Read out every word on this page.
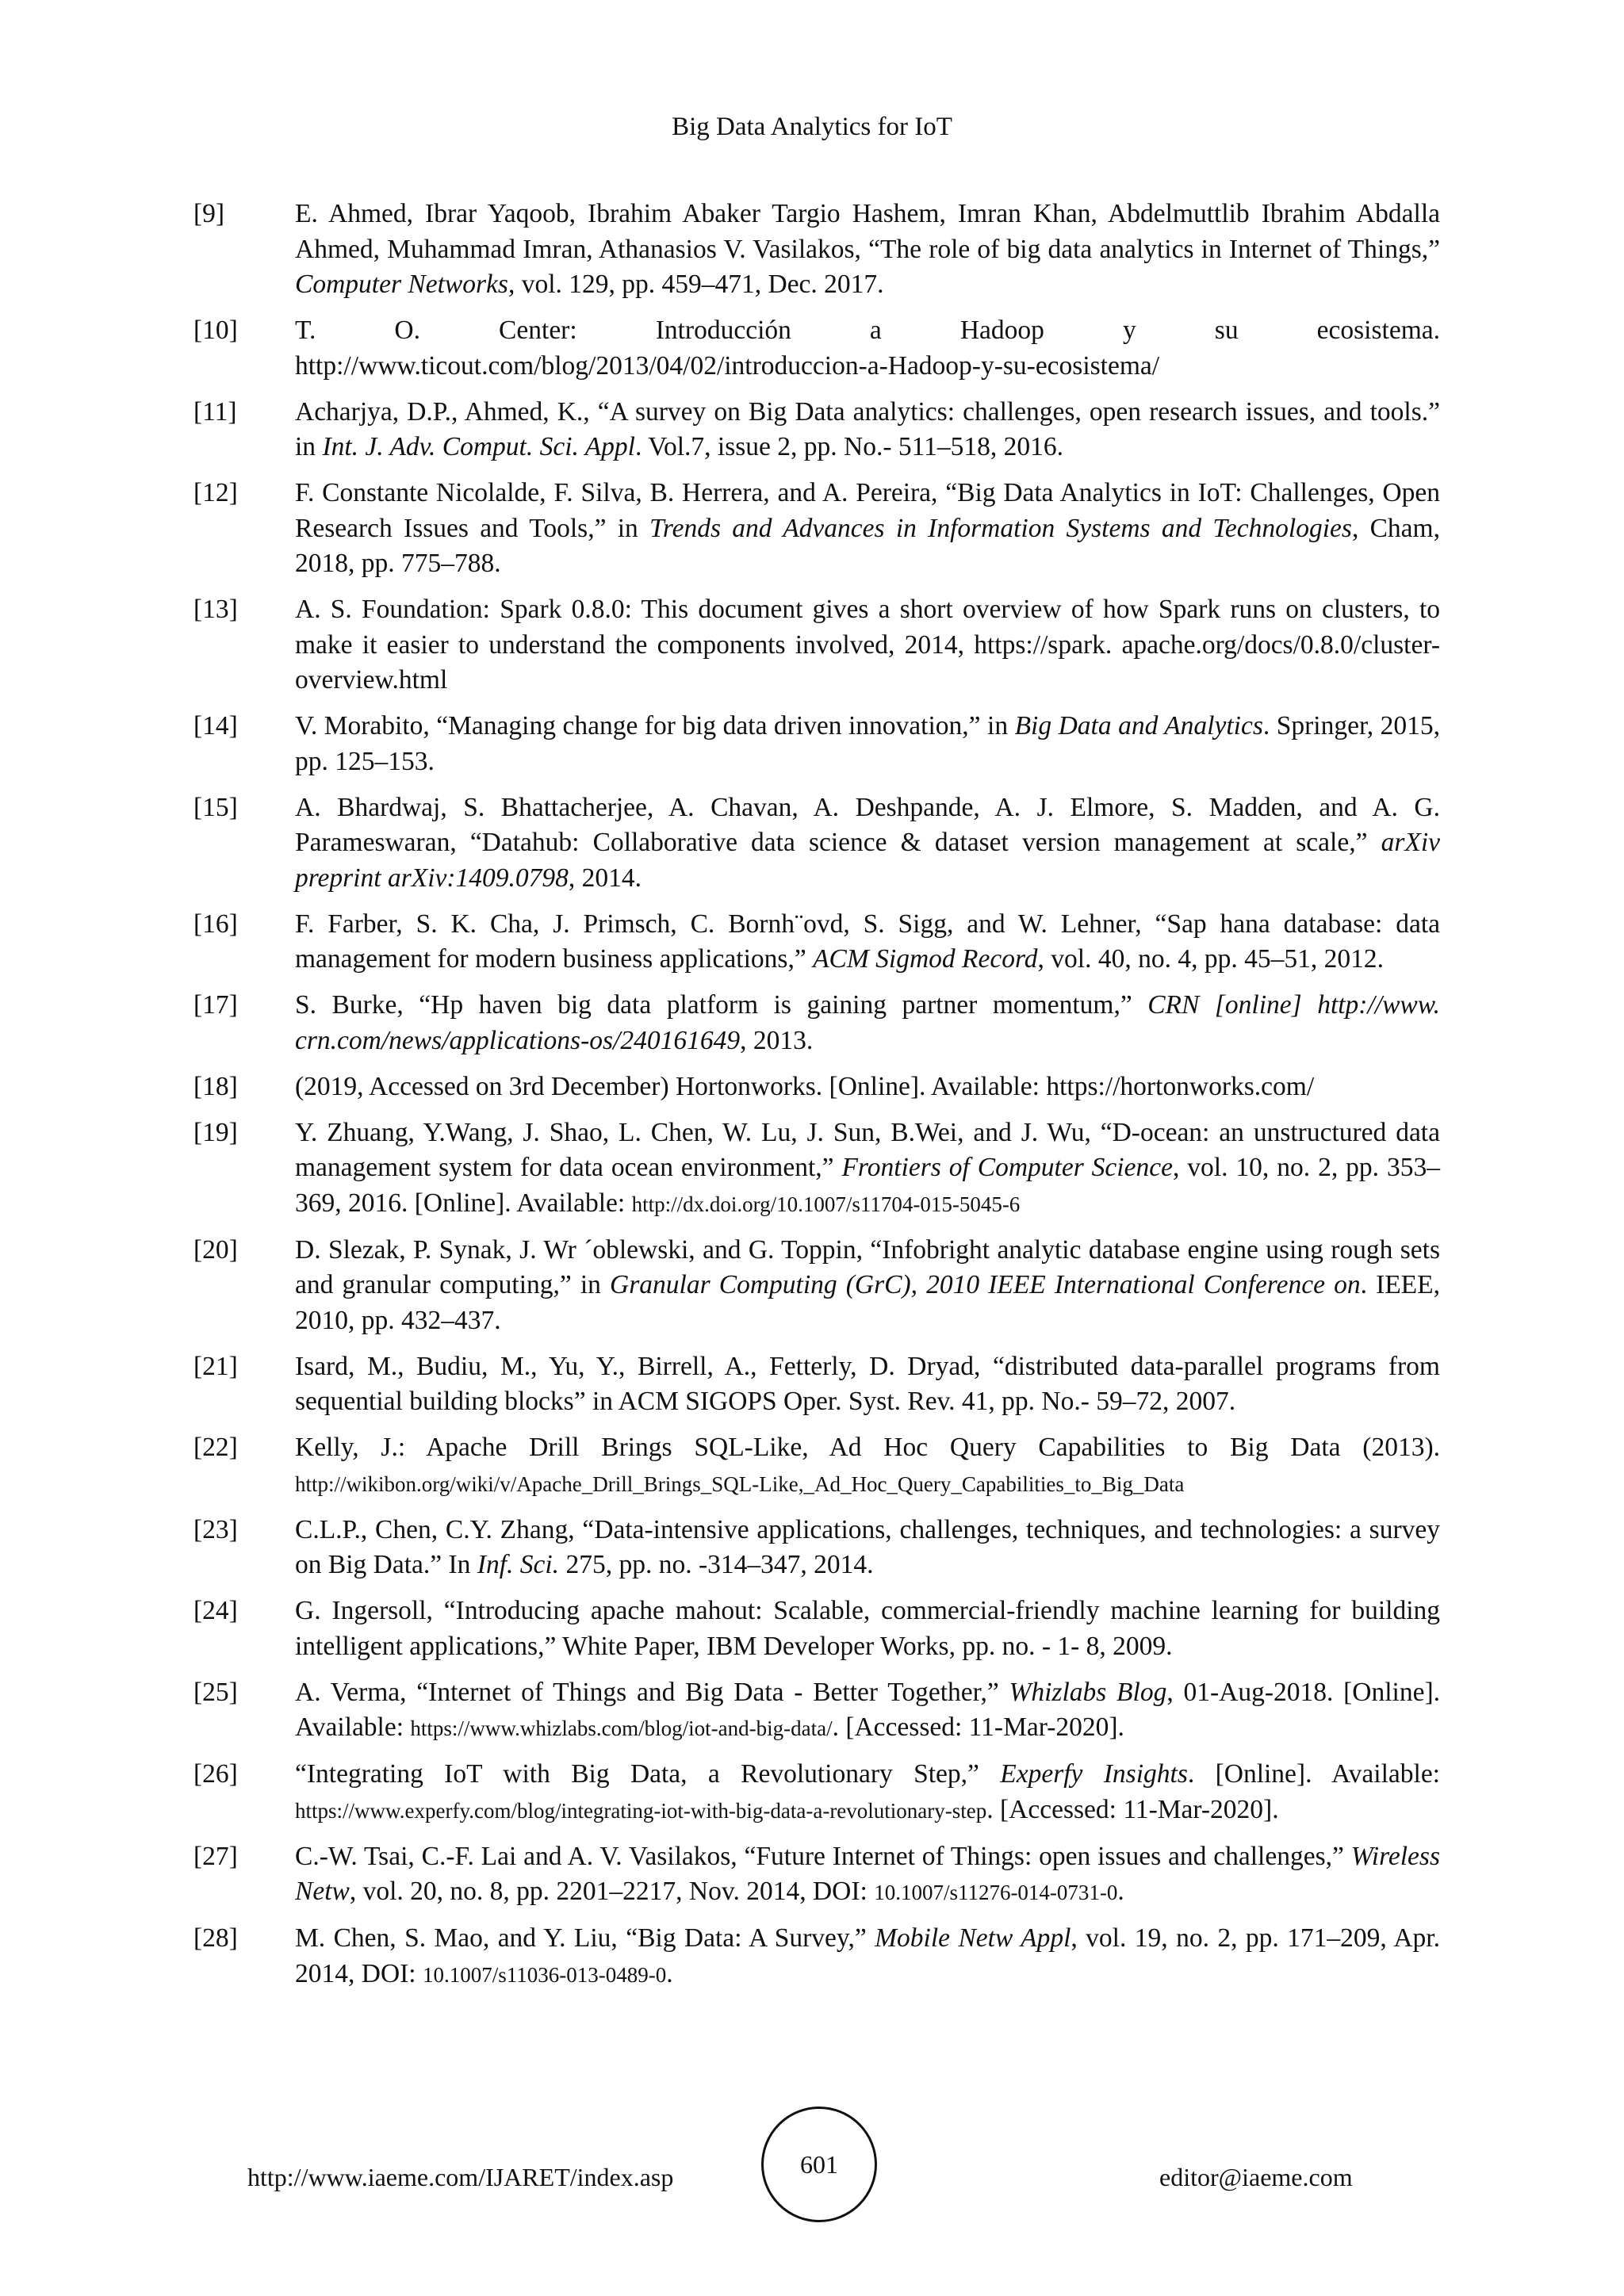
Big Data Analytics for IoT
[9]	E. Ahmed, Ibrar Yaqoob, Ibrahim Abaker Targio Hashem, Imran Khan, Abdelmuttlib Ibrahim Abdalla Ahmed, Muhammad Imran, Athanasios V. Vasilakos, “The role of big data analytics in Internet of Things,” Computer Networks, vol. 129, pp. 459–471, Dec. 2017.
[10]	T. O. Center: Introducción a Hadoop y su ecosistema. http://www.ticout.com/blog/2013/04/02/introduccion-a-Hadoop-y-su-ecosistema/
[11]	Acharjya, D.P., Ahmed, K., “A survey on Big Data analytics: challenges, open research issues, and tools.” in Int. J. Adv. Comput. Sci. Appl. Vol.7, issue 2, pp. No.- 511–518, 2016.
[12]	F. Constante Nicolalde, F. Silva, B. Herrera, and A. Pereira, “Big Data Analytics in IoT: Challenges, Open Research Issues and Tools,” in Trends and Advances in Information Systems and Technologies, Cham, 2018, pp. 775–788.
[13]	A. S. Foundation: Spark 0.8.0: This document gives a short overview of how Spark runs on clusters, to make it easier to understand the components involved, 2014, https://spark. apache.org/docs/0.8.0/cluster-overview.html
[14]	V. Morabito, “Managing change for big data driven innovation,” in Big Data and Analytics. Springer, 2015, pp. 125–153.
[15]	A. Bhardwaj, S. Bhattacherjee, A. Chavan, A. Deshpande, A. J. Elmore, S. Madden, and A. G. Parameswaran, “Datahub: Collaborative data science & dataset version management at scale,” arXiv preprint arXiv:1409.0798, 2014.
[16]	F. Farber, S. K. Cha, J. Primsch, C. Bornh¨ovd, S. Sigg, and W. Lehner, “Sap hana database: data management for modern business applications,” ACM Sigmod Record, vol. 40, no. 4, pp. 45–51, 2012.
[17]	S. Burke, “Hp haven big data platform is gaining partner momentum,” CRN [online] http://www. crn.com/news/applications-os/240161649, 2013.
[18]	(2019, Accessed on 3rd December) Hortonworks. [Online]. Available: https://hortonworks.com/
[19]	Y. Zhuang, Y.Wang, J. Shao, L. Chen, W. Lu, J. Sun, B.Wei, and J. Wu, “D-ocean: an unstructured data management system for data ocean environment,” Frontiers of Computer Science, vol. 10, no. 2, pp. 353–369, 2016. [Online]. Available: http://dx.doi.org/10.1007/s11704-015-5045-6
[20]	D. Slezak, P. Synak, J. Wr ´oblewski, and G. Toppin, “Infobright analytic database engine using rough sets and granular computing,” in Granular Computing (GrC), 2010 IEEE International Conference on. IEEE, 2010, pp. 432–437.
[21]	Isard, M., Budiu, M., Yu, Y., Birrell, A., Fetterly, D. Dryad, “distributed data-parallel programs from sequential building blocks” in ACM SIGOPS Oper. Syst. Rev. 41, pp. No.- 59–72, 2007.
[22]	Kelly, J.: Apache Drill Brings SQL-Like, Ad Hoc Query Capabilities to Big Data (2013). http://wikibon.org/wiki/v/Apache_Drill_Brings_SQL-Like,_Ad_Hoc_Query_Capabilities_to_Big_Data
[23]	C.L.P., Chen, C.Y. Zhang, “Data-intensive applications, challenges, techniques, and technologies: a survey on Big Data.” In Inf. Sci. 275, pp. no. -314–347, 2014.
[24]	G. Ingersoll, “Introducing apache mahout: Scalable, commercial-friendly machine learning for building intelligent applications,” White Paper, IBM Developer Works, pp. no. - 1- 8, 2009.
[25]	A. Verma, “Internet of Things and Big Data - Better Together,” Whizlabs Blog, 01-Aug-2018. [Online]. Available: https://www.whizlabs.com/blog/iot-and-big-data/. [Accessed: 11-Mar-2020].
[26]	“Integrating IoT with Big Data, a Revolutionary Step,” Experfy Insights. [Online]. Available: https://www.experfy.com/blog/integrating-iot-with-big-data-a-revolutionary-step. [Accessed: 11-Mar-2020].
[27]	C.-W. Tsai, C.-F. Lai and A. V. Vasilakos, “Future Internet of Things: open issues and challenges,” Wireless Netw, vol. 20, no. 8, pp. 2201–2217, Nov. 2014, DOI: 10.1007/s11276-014-0731-0.
[28]	M. Chen, S. Mao, and Y. Liu, “Big Data: A Survey,” Mobile Netw Appl, vol. 19, no. 2, pp. 171–209, Apr. 2014, DOI: 10.1007/s11036-013-0489-0.
http://www.iaeme.com/IJARET/index.asp	601	editor@iaeme.com
